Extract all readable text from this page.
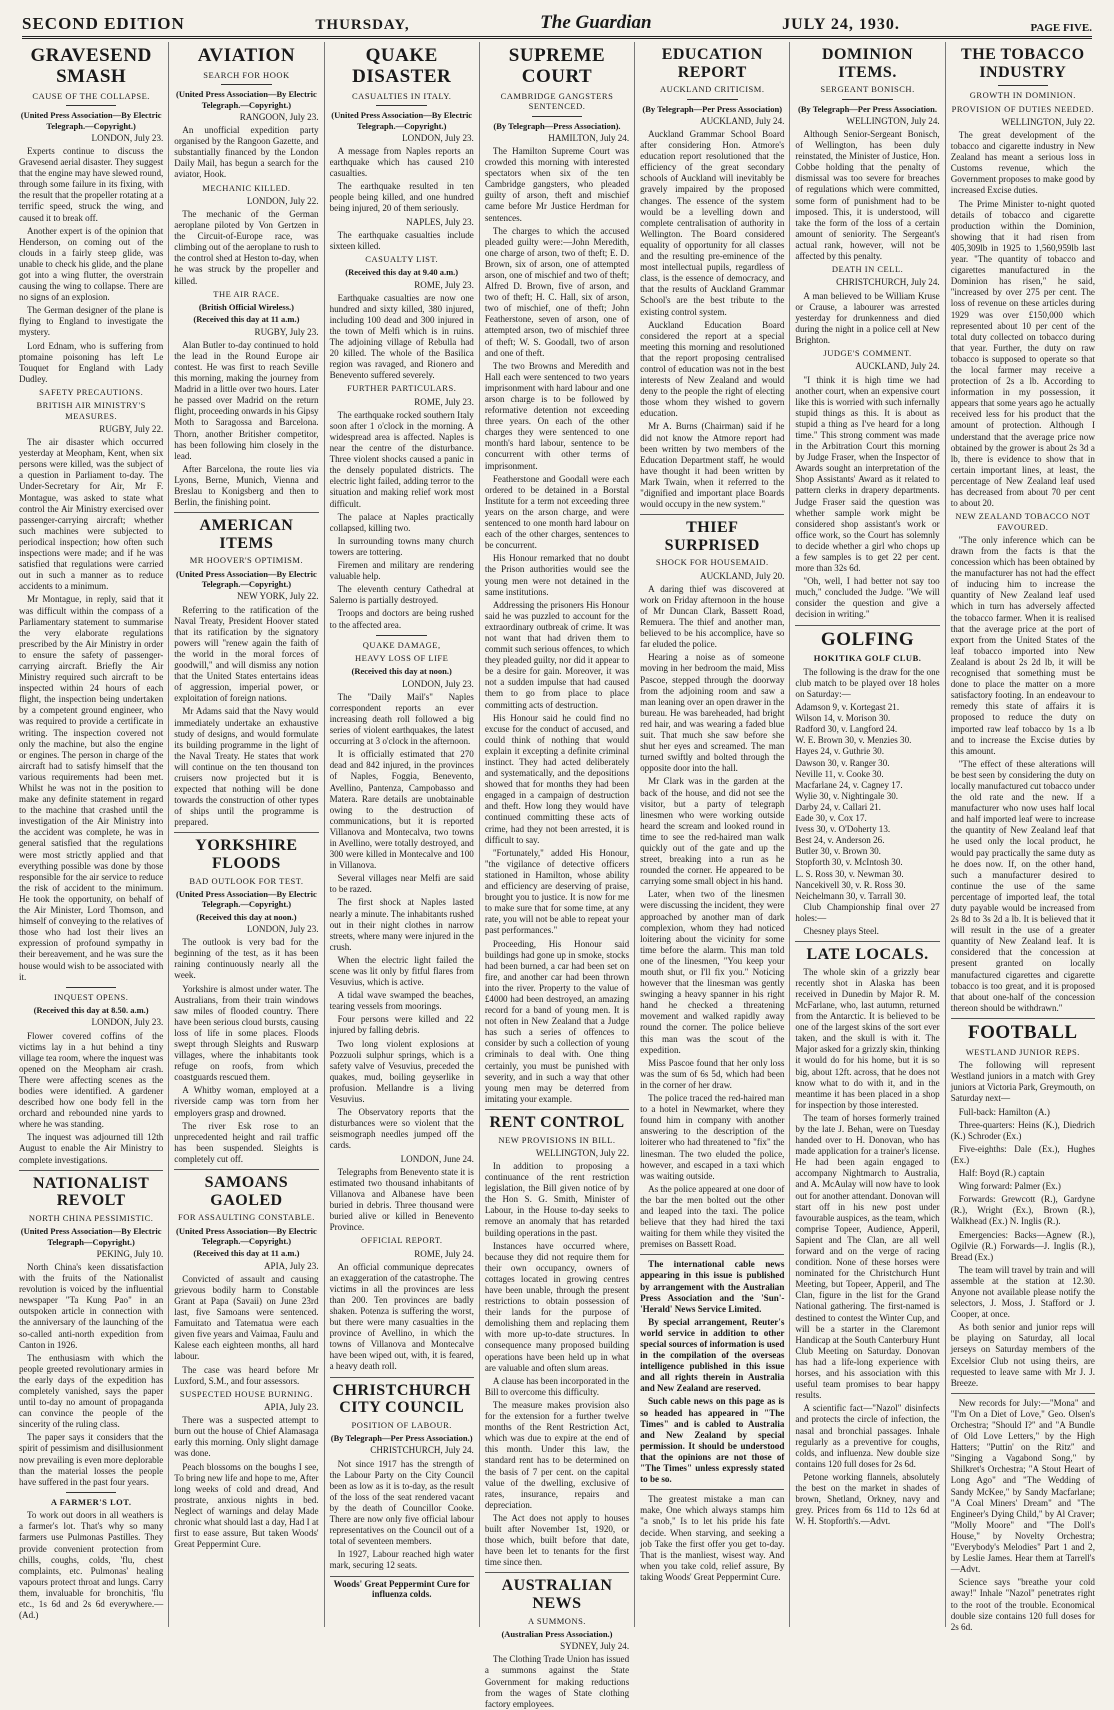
SECOND EDITION	THURSDAY,	The Guardian	JULY 24, 1930.	PAGE FIVE.
GRAVESEND SMASH
CAUSE OF THE COLLAPSE.
(United Press Association—By Electric Telegraph.—Copyright.)
LONDON, July 23.

Experts continue to discuss the Gravesend aerial disaster. They suggest that the engine may have slewed round, through some failure in its fixing, with the result that the propeller rotating at a terrific speed, struck the wing, and caused it to break off.

Another expert is of the opinion that Henderson, on coming out of the clouds in a fairly steep glide, was unable to check his glide, and the plane got into a wing flutter, the overstrain causing the wing to collapse. There are no signs of an explosion.

The German designer of the plane is flying to England to investigate the mystery.

Lord Ednam, who is suffering from ptomaine poisoning has left Le Touquet for England with Lady Dudley.

SAFETY PRECAUTIONS.
BRITISH AIR MINISTRY'S MEASURES.
RUGBY, July 22.

The air disaster which occurred yesterday at Meopham, Kent, when six persons were killed, was the subject of a question in Parliament to-day. The Under-Secretary for Air, Mr F. Montague, was asked to state what control the Air Ministry exercised over passenger-carrying aircraft; whether such machines were subjected to periodical inspection; how often such inspections were made; and if he was satisfied that regulations were carried out in such a manner as to reduce accidents to a minimum.

Mr Montague, in reply, said that it was difficult within the compass of a Parliamentary statement to summarise the very elaborate regulations prescribed by the Air Ministry in order to ensure the safety of passenger-carrying aircraft. Briefly the Air Ministry required such aircraft to be inspected within 24 hours of each flight, the inspection being undertaken by a competent ground engineer, who was required to provide a certificate in writing. The inspection covered not only the machine, but also the engine or engines. The person in charge of the aircraft had to satisfy himself that the various requirements had been met. Whilst he was not in the position to make any definite statement in regard to the machine that crashed until the investigation of the Air Ministry into the accident was complete, he was in general satisfied that the regulations were most strictly applied and that everything possible was done by those responsible for the air service to reduce the risk of accident to the minimum. He took the opportunity, on behalf of the Air Minister, Lord Thomson, and himself of conveying to the relatives of those who had lost their lives an expression of profound sympathy in their bereavement, and he was sure the house would wish to be associated with it.

INQUEST OPENS.
(Received this day at 8.50. a.m.)
LONDON, July 23.

Flower covered coffins of the victims lay in a hut behind a tiny village tea room, where the inquest was opened on the Meopham air crash. There were affecting scenes as the bodies were identified. A gardener described how one body fell in the orchard and rebounded nine yards to where he was standing.

The inquest was adjourned till 12th August to enable the Air Ministry to complete investigations.

NATIONALIST REVOLT
NORTH CHINA PESSIMISTIC.
(United Press Association—By Electric Telegraph—Copyright.)
PEKING, July 10.

North China's keen dissatisfaction with the fruits of the Nationalist revolution is voiced by the influential newspaper "Ta Kung Pao" in an outspoken article in connection with the anniversary of the launching of the so-called anti-north expedition from Canton in 1926.

The enthusiasm with which the people greeted revolutionary armies in the early days of the expedition has completely vanished, says the paper until to-day no amount of propaganda can convince the people of the sincerity of the ruling class.

The paper says it considers that the spirit of pessimism and disillusionment now prevailing is even more deplorable than the material losses the people have suffered in the past four years.

A FARMER'S LOT.

To work out doors in all weathers is a farmer's lot. That's why so many farmers use Pulmonas Pastilles. They provide convenient protection from chills, coughs, colds, 'flu, chest complaints, etc. Pulmonas' healing vapours protect throat and lungs. Carry them, invaluable for bronchitis, 'flu etc., 1s 6d and 2s 6d everywhere.—(Ad.)

AVIATION
SEARCH FOR HOOK
(United Press Association—By Electric Telegraph.—Copyright.)
RANGOON, July 23.

An unofficial expedition party organised by the Rangoon Gazette, and substantially financed by the London Daily Mail, has begun a search for the aviator, Hook.

MECHANIC KILLED.
LONDON, July 22.

The mechanic of the German aeroplane piloted by Von Gertzen in the Circuit-of-Europe race, was climbing out of the aeroplane to rush to the control shed at Heston to-day, when he was struck by the propeller and killed.

THE AIR RACE.
(British Official Wireless.)
(Received this day at 11 a.m.)
RUGBY, July 23.

Alan Butler to-day continued to hold the lead in the Round Europe air contest. He was first to reach Seville this morning, making the journey from Madrid in a little over two hours. Later he passed over Madrid on the return flight, proceeding onwards in his Gipsy Moth to Saragossa and Barcelona. Thorn, another Britisher competitor, has been following him closely in the lead.

After Barcelona, the route lies via Lyons, Berne, Munich, Vienna and Breslau to Konigsberg and then to Berlin, the finishing point.

AMERICAN ITEMS
MR HOOVER'S OPTIMISM.
(United Press Association—By Electric Telegraph.—Copyright.)
NEW YORK, July 22.

Referring to the ratification of the Naval Treaty, President Hoover stated that its ratification by the signatory powers will "renew again the faith of the world in the moral forces of goodwill," and will dismiss any notion that the United States entertains ideas of aggression, imperial power, or exploitation of foreign nations.

Mr Adams said that the Navy would immediately undertake an exhaustive study of designs, and would formulate its building programme in the light of the Naval Treaty. He states that work will continue on the ten thousand ton cruisers now projected but it is expected that nothing will be done towards the construction of other types of ships until the programme is prepared.

YORKSHIRE FLOODS
BAD OUTLOOK FOR TEST.
(United Press Association—By Electric Telegraph.—Copyright.)
(Received this day at noon.)
LONDON, July 23.

The outlook is very bad for the beginning of the test, as it has been raining continuously nearly all the week.

Yorkshire is almost under water. The Australians, from their train windows saw miles of flooded country. There have been serious cloud bursts, causing loss of life in some places. Floods swept through Sleights and Ruswarp villages, where the inhabitants took refuge on roofs, from which coastguards rescued them.

A Whitby woman, employed at a riverside camp was torn from her employers grasp and drowned.

The river Esk rose to an unprecedented height and rail traffic has been suspended. Sleights is completely cut off.

SAMOANS GAOLED
FOR ASSAULTING CONSTABLE.
(United Press Association—By Electric Telegraph.—Copyright.)
(Received this day at 11 a.m.)
APIA, July 23.

Convicted of assault and causing grievous bodily harm to Constable Grant at Papa (Savaii) on June 23rd last, five Samoans were sentenced. Famuitato and Tatematua were each given five years and Vaimaa, Faulu and Kalese each eighteen months, all hard labour.

The case was heard before Mr Luxford, S.M., and four assessors.

SUSPECTED HOUSE BURNING.
APIA, July 23.

There was a suspected attempt to burn out the house of Chief Alamasaga early this morning. Only slight damage was done.

Peach blossoms on the boughs I see, To bring new life and hope to me, After long weeks of cold and dread, And prostrate, anxious nights in bed. Neglect of warnings and delay Made chronic what should last a day, Had I at first to ease assure, But taken Woods' Great Peppermint Cure.

QUAKE DISASTER
CASUALTIES IN ITALY.
(United Press Association—By Electric Telegraph.—Copyright.)
LONDON, July 23.

A message from Naples reports an earthquake which has caused 210 casualties.

The earthquake resulted in ten people being killed, and one hundred being injured, 20 of them seriously.

NAPLES, July 23.

The earthquake casualties include sixteen killed.

CASUALTY LIST.
(Received this day at 9.40 a.m.)
ROME, July 23.

Earthquake casualties are now one hundred and sixty killed, 380 injured, including 100 dead and 300 injured in the town of Melfi which is in ruins. The adjoining village of Rebulla had 20 killed. The whole of the Basilica region was ravaged, and Rionero and Benevento suffered severely.

FURTHER PARTICULARS.
ROME, July 23.

The earthquake rocked southern Italy soon after 1 o'clock in the morning. A widespread area is affected. Naples is near the centre of the disturbance. Three violent shocks caused a panic in the densely populated districts. The electric light failed, adding terror to the situation and making relief work most difficult.

The palace at Naples practically collapsed, killing two.

In surrounding towns many church towers are tottering.

Firemen and military are rendering valuable help.

The eleventh century Cathedral at Salerno is partially destroyed.

Troops and doctors are being rushed to the affected area.

QUAKE DAMAGE,
HEAVY LOSS OF LIFE
(Received this day at noon.)
LONDON, July 23.

The "Daily Mail's" Naples correspondent reports an ever increasing death roll followed a big series of violent earthquakes, the latest occurring at 3 o'clock in the afternoon.

It is officially estimated that 270 dead and 842 injured, in the provinces of Naples, Foggia, Benevento, Avellino, Pantenza, Campobasso and Matera. Rare details are unobtainable owing to the destruction of communications, but it is reported Villanova and Montecalva, two towns in Avellino, were totally destroyed, and 300 were killed in Montecalve and 100 in Villanova.

Several villages near Melfi are said to be razed.

The first shock at Naples lasted nearly a minute. The inhabitants rushed out in their night clothes in narrow streets, where many were injured in the crush.

When the electric light failed the scene was lit only by fitful flares from Vesuvius, which is active.

A tidal wave swamped the beaches, tearing vessels from moorings.

Four persons were killed and 22 injured by falling debris.

Two long violent explosions at Pozzuoli sulphur springs, which is a safety valve of Vesuvius, preceded the quakes, mud, boiling geyserlike in profusion. Mellandre is a living Vesuvius.

The Observatory reports that the disturbances were so violent that the seismograph needles jumped off the cards.

LONDON, June 24.

Telegraphs from Benevento state it is estimated two thousand inhabitants of Villanova and Albanese have been buried in debris. Three thousand were buried alive or killed in Benevento Province.

OFFICIAL REPORT.
ROME, July 24.

An official communique deprecates an exaggeration of the catastrophe. The victims in all the provinces are less than 200. Ten provinces are badly shaken. Potenza is suffering the worst, but there were many casualties in the province of Avellino, in which the towns of Villanova and Montecalve have been wiped out, with, it is feared, a heavy death roll.

CHRISTCHURCH CITY COUNCIL
POSITION OF LABOUR.
(By Telegraph—Per Press Association.)
CHRISTCHURCH, July 24.

Not since 1917 has the strength of the Labour Party on the City Council been as low as it is to-day, as the result of the loss of the seat rendered vacant by the death of Councillor Cooke. There are now only five official labour representatives on the Council out of a total of seventeen members.

In 1927, Labour reached high water mark, securing 12 seats.

Woods' Great Peppermint Cure for influenza colds.
SUPREME COURT
CAMBRIDGE GANGSTERS SENTENCED.
(By Telegraph—Press Association).
HAMILTON, July 24.

The Hamilton Supreme Court was crowded this morning with interested spectators when six of the ten Cambridge gangsters, who pleaded guilty of arson, theft and mischief came before Mr Justice Herdman for sentences.

The charges to which the accused pleaded guilty were:—John Meredith, one charge of arson, two of theft; E. D. Brown, six of arson, one of attempted arson, one of mischief and two of theft; Alfred D. Brown, five of arson, and two of theft; H. C. Hall, six of arson, two of mischief, one of theft; John Featherstone, seven of arson, one of attempted arson, two of mischief three of theft; W. S. Goodall, two of arson and one of theft.

The two Browns and Meredith and Hall each were sentenced to two years imprisonment with hard labour and one arson charge is to be followed by reformative detention not exceeding three years. On each of the other charges they were sentenced to one month's hard labour, sentence to be concurrent with other terms of imprisonment.

Featherstone and Goodall were each ordered to be detained in a Borstal Institute for a term not exceeding three years on the arson charge, and were sentenced to one month hard labour on each of the other charges, sentences to be concurrent.

His Honour remarked that no doubt the Prison authorities would see the young men were not detained in the same institutions.

Addressing the prisoners His Honour said he was puzzled to account for the extraordinary outbreak of crime. It was not want that had driven them to commit such serious offences, to which they pleaded guilty, nor did it appear to be a desire for gain. Moreover, it was not a sudden impulse that had caused them to go from place to place committing acts of destruction.

His Honour said he could find no excuse for the conduct of accused, and could think of nothing that would explain it excepting a definite criminal instinct. They had acted deliberately and systematically, and the depositions showed that for months they had been engaged in a campaign of destruction and theft. How long they would have continued committing these acts of crime, had they not been arrested, it is difficult to say.

"Fortunately," added His Honour, "the vigilance of detective officers stationed in Hamilton, whose ability and efficiency are deserving of praise, brought you to justice. It is now for me to make sure that for some time, at any rate, you will not be able to repeat your past performances."

Proceeding, His Honour said buildings had gone up in smoke, stocks had been burned, a car had been set on fire, and another car had been thrown into the river. Property to the value of £4000 had been destroyed, an amazing record for a band of young men. It is not often in New Zealand that a Judge has such a series of offences to consider by such a collection of young criminals to deal with. One thing certainly, you must be punished with severity, and in such a way that other young men may be deterred from imitating your example.

RENT CONTROL
NEW PROVISIONS IN BILL.
WELLINGTON, July 22.

In addition to proposing a continuance of the rent restriction legislation, the Bill given notice of by the Hon S. G. Smith, Minister of Labour, in the House to-day seeks to remove an anomaly that has retarded building operations in the past.

Instances have occurred where, because they did not require them for their own occupancy, owners of cottages located in growing centres have been unable, through the present restrictions to obtain possession of their lands for the purpose of demolishing them and replacing them with more up-to-date structures. In consequence many proposed building operations have been held up in what are valuable and often slum areas.

A clause has been incorporated in the Bill to overcome this difficulty.

The measure makes provision also for the extension for a further twelve months of the Rent Restriction Act, which was due to expire at the end of this month. Under this law, the standard rent has to be determined on the basis of 7 per cent. on the capital value of the dwelling, exclusive of rates, insurance, repairs and depreciation.

The Act does not apply to houses built after November 1st, 1920, or those which, built before that date, have been let to tenants for the first time since then.

AUSTRALIAN NEWS
A SUMMONS.
(Australian Press Association.)
SYDNEY, July 24.

The Clothing Trade Union has issued a summons against the State Government for making reductions from the wages of State clothing factory employees.

EDUCATION REPORT
AUCKLAND CRITICISM.
(By Telegraph—Per Press Association)
AUCKLAND, July 24.

Auckland Grammar School Board after considering Hon. Atmore's education report resolutioned that the efficiency of the great secondary schools of Auckland will inevitably be gravely impaired by the proposed changes. The essence of the system would be a levelling down and complete centralisation of authority in Wellington. The Board considered equality of opportunity for all classes and the resulting pre-eminence of the most intellectual pupils, regardless of class, is the essence of democracy, and that the results of Auckland Grammar School's are the best tribute to the existing control system.

Auckland Education Board considered the report at a special meeting this morning and resolutioned that the report proposing centralised control of education was not in the best interests of New Zealand and would deny to the people the right of electing those whom they wished to govern education.

Mr A. Burns (Chairman) said if he did not know the Atmore report had been written by two members of the Education Department staff, he would have thought it had been written by Mark Twain, when it referred to the "dignified and important place Boards would occupy in the new system."

THIEF SURPRISED
SHOCK FOR HOUSEMAID.
AUCKLAND, July 20.

A daring thief was discovered at work on Friday afternoon in the house of Mr Duncan Clark, Bassett Road, Remuera. The thief and another man, believed to be his accomplice, have so far eluded the police.

Hearing a noise as of someone moving in her bedroom the maid, Miss Pascoe, stepped through the doorway from the adjoining room and saw a man leaning over an open drawer in the bureau. He was bareheaded, had bright red hair, and was wearing a faded blue suit. That much she saw before she shut her eyes and screamed. The man turned swiftly and bolted through the opposite door into the hall.

Mr Clark was in the garden at the back of the house, and did not see the visitor, but a party of telegraph linesmen who were working outside heard the scream and looked round in time to see the red-haired man walk quickly out of the gate and up the street, breaking into a run as he rounded the corner. He appeared to be carrying some small object in his hand.

Later, when two of the linesmen were discussing the incident, they were approached by another man of dark complexion, whom they had noticed loitering about the vicinity for some time before the alarm. This man told one of the linesmen, "You keep your mouth shut, or I'll fix you." Noticing however that the linesman was gently swinging a heavy spanner in his right hand he checked a threatening movement and walked rapidly away round the corner. The police believe this man was the scout of the expedition.

Miss Pascoe found that her only loss was the sum of 6s 5d, which had been in the corner of her draw.

The police traced the red-haired man to a hotel in Newmarket, where they found him in company with another answering to the description of the loiterer who had threatened to "fix" the linesman. The two eluded the police, however, and escaped in a taxi which was waiting outside.

As the police appeared at one door of the bar the men bolted out the other and leaped into the taxi. The police believe that they had hired the taxi waiting for them while they visited the premises on Bassett Road.

The international cable news appearing in this issue is published by arrangement with the Australian Press Association and the 'Sun'-'Herald' News Service Limited.

By special arrangement, Reuter's world service in addition to other special sources of information is used in the compilation of the overseas intelligence published in this issue and all rights therein in Australia and New Zealand are reserved.

Such cable news on this page as is so headed has appeared in "The Times" and is cabled to Australia and New Zealand by special permission. It should be understood that the opinions are not those of "The Times" unless expressly stated to be so.

The greatest mistake a man can make, One which always stamps him "a snob," Is to let his pride his fate decide. When starving, and seeking a job Take the first offer you get to-day. That is the manliest, wisest way. And when you take cold, relief assure, By taking Woods' Great Peppermint Cure.

DOMINION ITEMS.
SERGEANT BONISCH.
(By Telegraph—Per Press Association.
WELLINGTON, July 24.

Although Senior-Sergeant Bonisch, of Wellington, has been duly reinstated, the Minister of Justice, Hon. Cobbe holding that the penalty of dismissal was too severe for breaches of regulations which were committed, some form of punishment had to be imposed. This, it is understood, will take the form of the loss of a certain amount of seniority. The Sergeant's actual rank, however, will not be affected by this penalty.

DEATH IN CELL.
CHRISTCHURCH, July 24.

A man believed to be William Kruse or Crause, a labourer was arrested yesterday for drunkenness and died during the night in a police cell at New Brighton.

JUDGE'S COMMENT.
AUCKLAND, July 24.

"I think it is high time we had another court, when an expensive court like this is worried with such infernally stupid things as this. It is about as stupid a thing as I've heard for a long time." This strong comment was made in the Arbitration Court this morning by Judge Fraser, when the Inspector of Awards sought an interpretation of the Shop Assistants' Award as it related to pattern clerks in drapery departments. Judge Fraser said the question was whether sample work might be considered shop assistant's work or office work, so the Court has solemnly to decide whether a girl who chops up a few samples is to get 22 per cent. more than 32s 6d.

"Oh, well, I had better not say too much," concluded the Judge. "We will consider the question and give a decision in writing."

GOLFING
HOKITIKA GOLF CLUB.

The following is the draw for the one club match to be played over 18 holes on Saturday:—

Adamson 9, v. Kortegast 21.
Wilson 14, v. Morison 30.
Radford 30, v. Langford 24.
W. E. Brown 30, v. Menzies 30.
Hayes 24, v. Guthrie 30.
Dawson 30, v. Ranger 30.
Neville 11, v. Cooke 30.
Macfarlane 24, v. Cagney 17.
Wylie 30, v. Nightingale 30.
Darby 24, v. Callari 21.
Eade 30, v. Cox 17.
Ivess 30, v. O'Doherty 13.
Best 24, v. Anderson 26.
Butler 30, v. Brown 30.
Stopforth 30, v. McIntosh 30.
L. S. Ross 30, v. Newman 30.
Nancekivell 30, v. R. Ross 30.
Neichelmann 30, v. Tarrall 30.

Club Championship final over 27 holes:—

Chesney plays Steel.

LATE LOCALS.

The whole skin of a grizzly bear recently shot in Alaska has been received in Dunedin by Major R. M. McFarlane, who, last autumn, returned from the Antarctic. It is believed to be one of the largest skins of the sort ever taken, and the skull is with it. The Major asked for a grizzly skin, thinking it would do for his home, but it is so big, about 12ft. across, that he does not know what to do with it, and in the meantime it has been placed in a shop for inspection by those interested.

The team of horses formerly trained by the late J. Behan, were on Tuesday handed over to H. Donovan, who has made application for a trainer's license. He had been again engaged to accompany Nightmarch to Australia, and A. McAulay will now have to look out for another attendant. Donovan will start off in his new post under favourable auspices, as the team, which comprise Topeer, Audience, Apperil, Sapient and The Clan, are all well forward and on the verge of racing condition. None of these horses were nominated for the Christchurch Hunt Meeting, but Topeer, Apperil, and The Clan, figure in the list for the Grand National gathering. The first-named is destined to contest the Winter Cup, and will be a starter in the Claremont Handicap at the South Canterbury Hunt Club Meeting on Saturday. Donovan has had a life-long experience with horses, and his association with this useful team promises to bear happy results.

A scientific fact—"Nazol" disinfects and protects the circle of infection, the nasal and bronchial passages. Inhale regularly as a preventive for coughs, colds, and influenza. New double size contains 120 full doses for 2s 6d.

Petone working flannels, absolutely the best on the market in shades of brown, Shetland, Orkney, navy and grey. Prices from 6s 11d to 12s 6d at W. H. Stopforth's.—Advt.

THE TOBACCO INDUSTRY
GROWTH IN DOMINION.
PROVISION OF DUTIES NEEDED.
WELLINGTON, July 22.

The great development of the tobacco and cigarette industry in New Zealand has meant a serious loss in Customs revenue, which the Government proposes to make good by increased Excise duties.

The Prime Minister to-night quoted details of tobacco and cigarette production within the Dominion, showing that it had risen from 405,309lb in 1925 to 1,560,959lb last year. "The quantity of tobacco and cigarettes manufactured in the Dominion has risen," he said, "increased by over 275 per cent. The loss of revenue on these articles during 1929 was over £150,000 which represented about 10 per cent of the total duty collected on tobacco during that year. Further, the duty on raw tobacco is supposed to operate so that the local farmer may receive a protection of 2s a lb. According to information in my possession, it appears that some years ago he actually received less for his product that the amount of protection. Although I understand that the average price now obtained by the grower is about 2s 3d a lb, there is evidence to show that in certain important lines, at least, the percentage of New Zealand leaf used has decreased from about 70 per cent to about 20.

NEW ZEALAND TOBACCO NOT FAVOURED.

"The only inference which can be drawn from the facts is that the concession which has been obtained by the manufacturer has not had the effect of inducing him to increase the quantity of New Zealand leaf used which in turn has adversely affected the tobacco farmer. When it is realised that the average price at the port of export from the United States of the leaf tobacco imported into New Zealand is about 2s 2d lb, it will be recognised that something must be done to place the matter on a more satisfactory footing. In an endeavour to remedy this state of affairs it is proposed to reduce the duty on imported raw leaf tobacco by 1s a lb and to increase the Excise duties by this amount.

"The effect of these alterations will be best seen by considering the duty on locally manufactured cut tobacco under the old rate and the new. If a manufacturer who now uses half local and half imported leaf were to increase the quantity of New Zealand leaf that he used only the local product, he would pay practically the same duty as he does now. If, on the other hand, such a manufacturer desired to continue the use of the same percentage of imported leaf, the total duty payable would be increased from 2s 8d to 3s 2d a lb. It is believed that it will result in the use of a greater quantity of New Zealand leaf. It is considered that the concession at present granted on locally manufactured cigarettes and cigarette tobacco is too great, and it is proposed that about one-half of the concession thereon should be withdrawn."

FOOTBALL
WESTLAND JUNIOR REPS.

The following will represent Westland juniors in a match with Grey juniors at Victoria Park, Greymouth, on Saturday next—

Full-back: Hamilton (A.)

Three-quarters: Heins (K.), Diedrich (K.) Schroder (Ex.)

Five-eighths: Dale (Ex.), Hughes (Ex.)

Half: Boyd (R.) captain

Wing forward: Palmer (Ex.)

Forwards: Grewcott (R.), Gardyne (R.), Wright (Ex.), Brown (R.), Walkhead (Ex.) N. Inglis (R.).

Emergencies: Backs—Agnew (R.), Ogilvie (R.) Forwards—J. Inglis (R.), Bread (Ex.)

The team will travel by train and will assemble at the station at 12.30. Anyone not available please notify the selectors, J. Moss, J. Stafford or J. Cooper, at once.

As both senior and junior reps will be playing on Saturday, all local jerseys on Saturday members of the Excelsior Club not using theirs, are requested to leave same with Mr J. J. Breeze.

New records for July:—"Mona" and "I'm On a Diet of Love," Geo. Olsen's Orchestra; "Should I?" and "A Bundle of Old Love Letters," by the High Hatters; "Puttin' on the Ritz" and "Singing a Vagabond Song," by Shilkret's Orchestra; "A Stout Heart of Long Ago" and "The Wedding of Sandy McKee," by Sandy Macfarlane; "A Coal Miners' Dream" and "The Engineer's Dying Child," by Al Craver; "Molly Moore" and "The Doll's House," by Novelty Orchestra; "Everybody's Melodies" Part 1 and 2, by Leslie James. Hear them at Tarrell's—Advt.

Science says "breathe your cold away!" Inhale "Nazol" penetrates right to the root of the trouble. Economical double size contains 120 full doses for 2s 6d.
